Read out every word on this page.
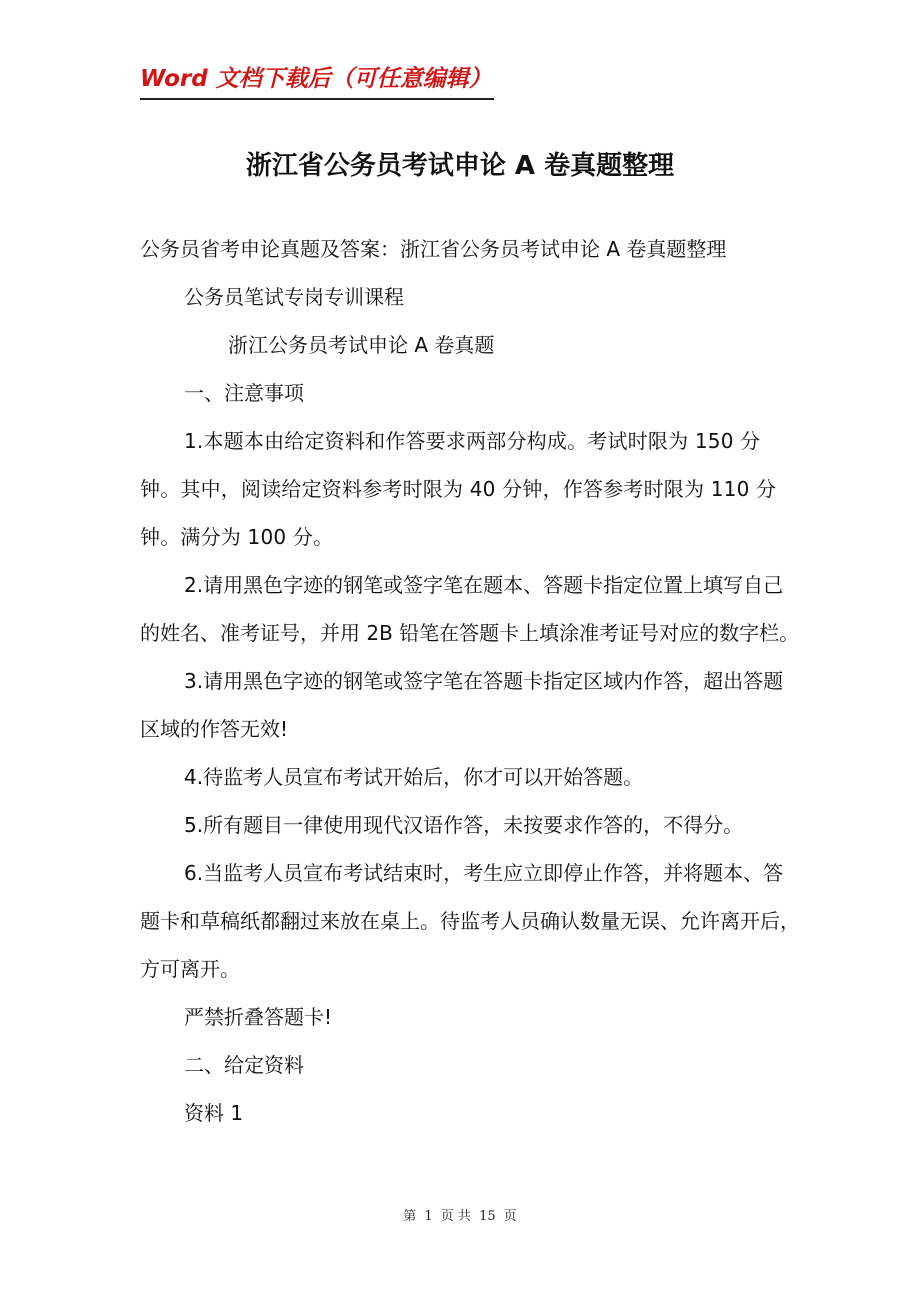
Word 文档下载后（可任意编辑）
浙江省公务员考试申论 A 卷真题整理

公务员省考申论真题及答案：浙江省公务员考试申论 A 卷真题整理

公务员笔试专岗专训课程

浙江公务员考试申论 A 卷真题

一、注意事项

1.本题本由给定资料和作答要求两部分构成。考试时限为 150 分钟。其中，阅读给定资料参考时限为 40 分钟，作答参考时限为 110 分钟。满分为 100 分。

2.请用黑色字迹的钢笔或签字笔在题本、答题卡指定位置上填写自己的姓名、准考证号，并用 2B 铅笔在答题卡上填涂准考证号对应的数字栏。

3.请用黑色字迹的钢笔或签字笔在答题卡指定区域内作答，超出答题区域的作答无效!

4.待监考人员宣布考试开始后，你才可以开始答题。

5.所有题目一律使用现代汉语作答，未按要求作答的，不得分。

6.当监考人员宣布考试结束时，考生应立即停止作答，并将题本、答题卡和草稿纸都翻过来放在桌上。待监考人员确认数量无误、允许离开后，方可离开。

严禁折叠答题卡!

二、给定资料

资料 1

第 1 页 共 15 页
